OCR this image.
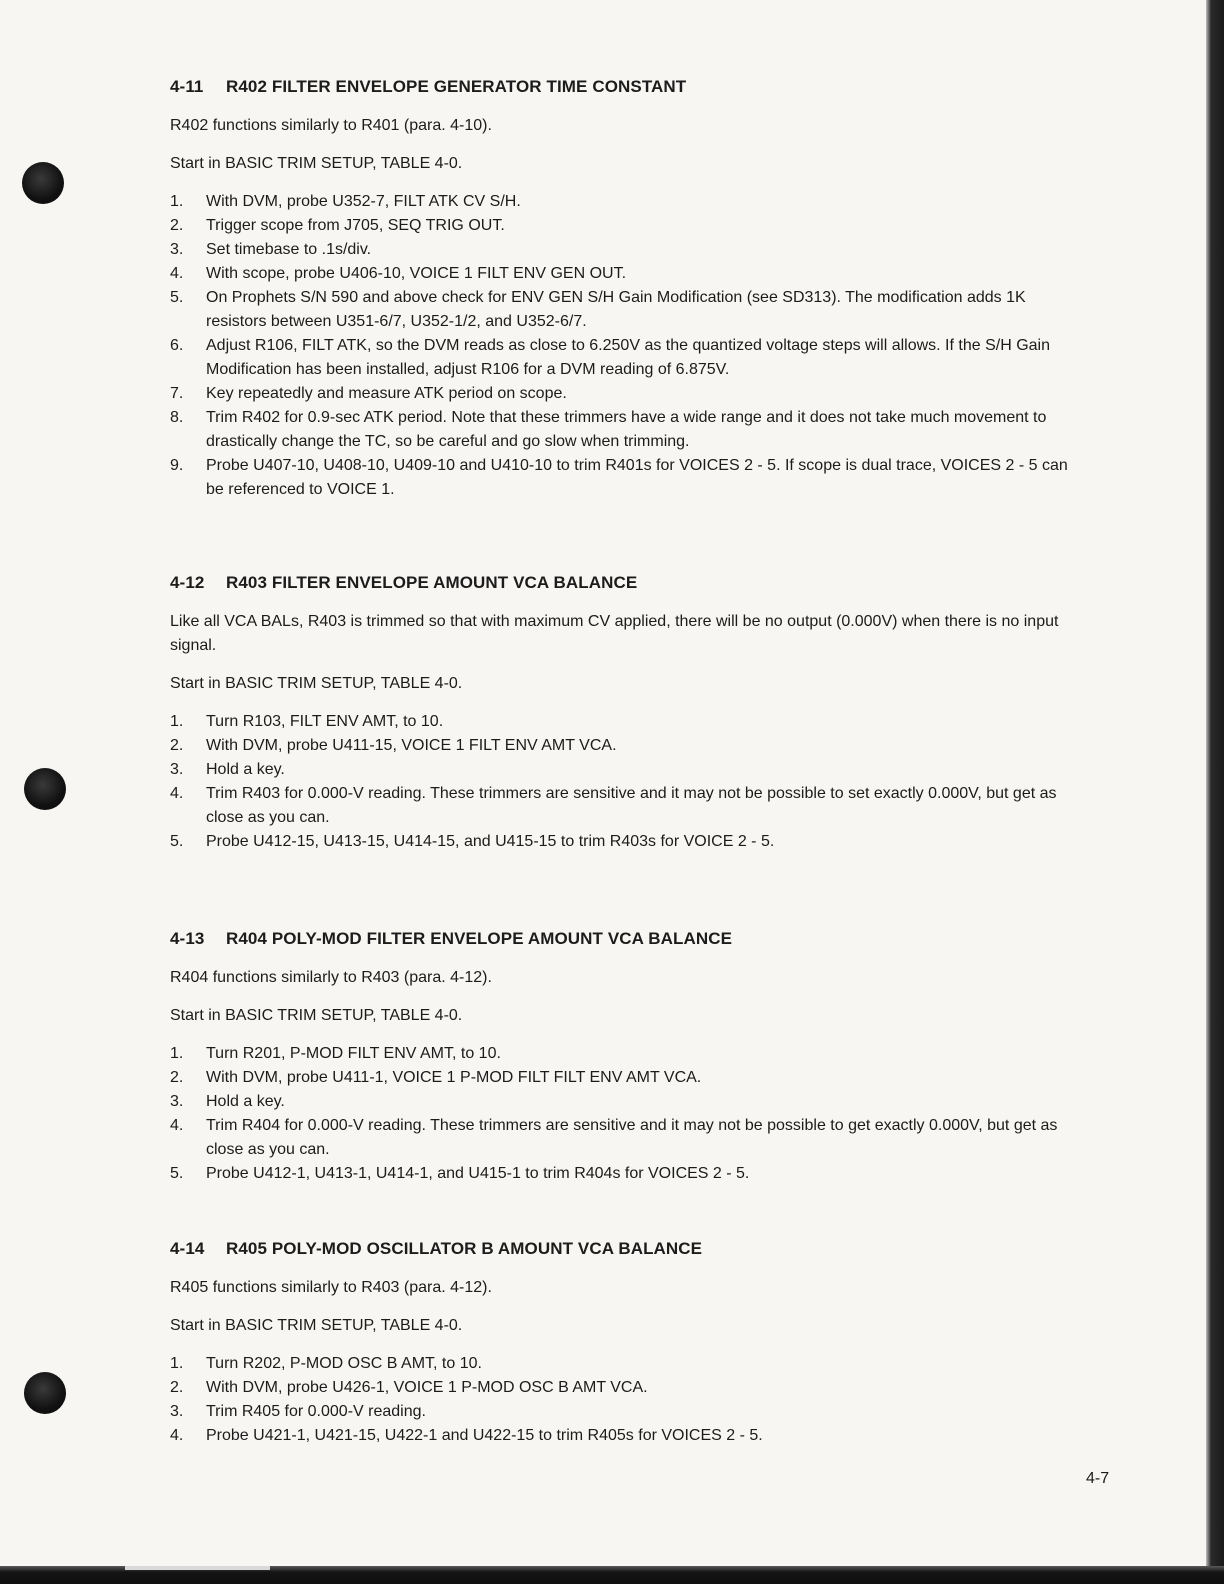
4-11 R402 FILTER ENVELOPE GENERATOR TIME CONSTANT

R402 functions similarly to R401 (para. 4-10).

Start in BASIC TRIM SETUP, TABLE 4-0.

1.	With DVM, probe U352-7, FILT ATK CV S/H.
2.	Trigger scope from J705, SEQ TRIG OUT.
3.	Set timebase to .1s/div.
4.	With scope, probe U406-10, VOICE 1 FILT ENV GEN OUT.
5.	On Prophets S/N 590 and above check for ENV GEN S/H Gain Modification (see SD313). The modification adds 1K resistors between U351-6/7, U352-1/2, and U352-6/7.
6.	Adjust R106, FILT ATK, so the DVM reads as close to 6.250V as the quantized voltage steps will allows. If the S/H Gain Modification has been installed, adjust R106 for a DVM reading of 6.875V.
7.	Key repeatedly and measure ATK period on scope.
8.	Trim R402 for 0.9-sec ATK period. Note that these trimmers have a wide range and it does not take much movement to drastically change the TC, so be careful and go slow when trimming.
9.	Probe U407-10, U408-10, U409-10 and U410-10 to trim R401s for VOICES 2 - 5. If scope is dual trace, VOICES 2 - 5 can be referenced to VOICE 1.
4-12 R403 FILTER ENVELOPE AMOUNT VCA BALANCE

Like all VCA BALs, R403 is trimmed so that with maximum CV applied, there will be no output (0.000V) when there is no input signal.

Start in BASIC TRIM SETUP, TABLE 4-0.

1.	Turn R103, FILT ENV AMT, to 10.
2.	With DVM, probe U411-15, VOICE 1 FILT ENV AMT VCA.
3.	Hold a key.
4.	Trim R403 for 0.000-V reading. These trimmers are sensitive and it may not be possible to set exactly 0.000V, but get as close as you can.
5.	Probe U412-15, U413-15, U414-15, and U415-15 to trim R403s for VOICE 2 - 5.
4-13 R404 POLY-MOD FILTER ENVELOPE AMOUNT VCA BALANCE

R404 functions similarly to R403 (para. 4-12).

Start in BASIC TRIM SETUP, TABLE 4-0.

1.	Turn R201, P-MOD FILT ENV AMT, to 10.
2.	With DVM, probe U411-1, VOICE 1 P-MOD FILT FILT ENV AMT VCA.
3.	Hold a key.
4.	Trim R404 for 0.000-V reading. These trimmers are sensitive and it may not be possible to get exactly 0.000V, but get as close as you can.
5.	Probe U412-1, U413-1, U414-1, and U415-1 to trim R404s for VOICES 2 - 5.
4-14 R405 POLY-MOD OSCILLATOR B AMOUNT VCA BALANCE

R405 functions similarly to R403 (para. 4-12).

Start in BASIC TRIM SETUP, TABLE 4-0.

1.	Turn R202, P-MOD OSC B AMT, to 10.
2.	With DVM, probe U426-1, VOICE 1 P-MOD OSC B AMT VCA.
3.	Trim R405 for 0.000-V reading.
4.	Probe U421-1, U421-15, U422-1 and U422-15 to trim R405s for VOICES 2 - 5.
4-7
